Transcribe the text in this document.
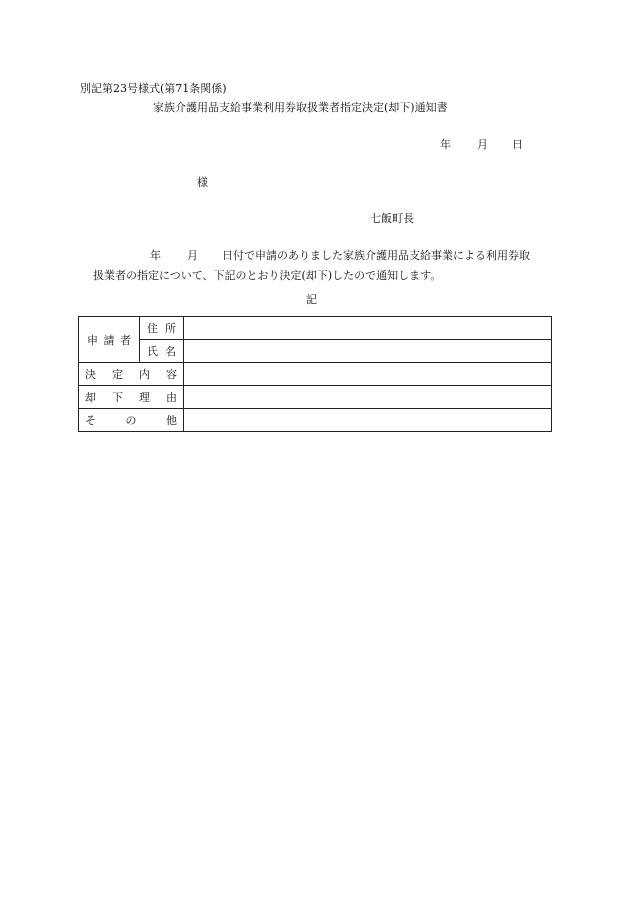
別記第23号様式(第71条関係)
家族介護用品支給事業利用券取扱業者指定決定(却下)通知書
年 月 日
様
七飯町長
年 月 日付で申請のありました家族介護用品支給事業による利用券取
扱業者の指定について、下記のとおり決定(却下)したので通知します。
記
申 請 者	住 所	

	氏 名	

決 定 内 容		

却 下 理 由		

そ の 他		
